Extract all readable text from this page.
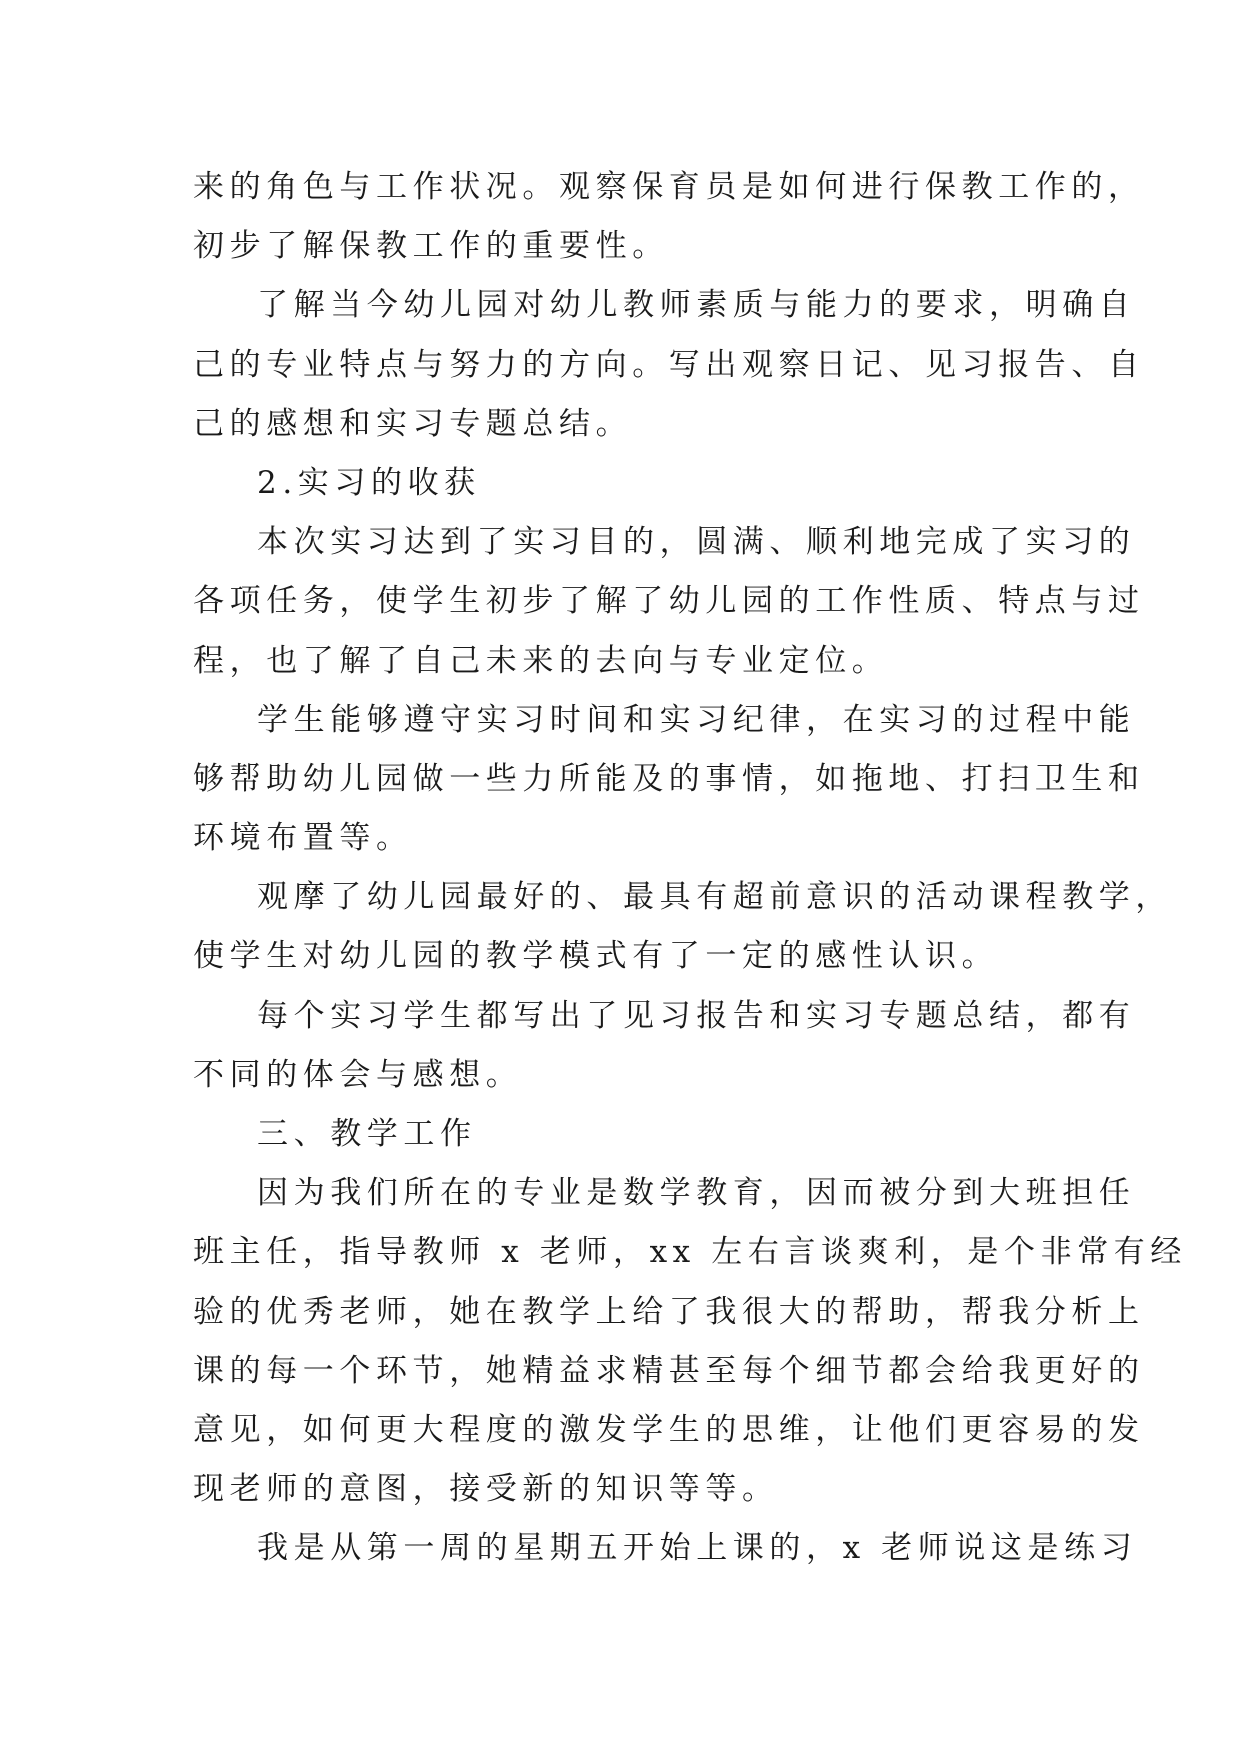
来的角色与工作状况。观察保育员是如何进行保教工作的，
初步了解保教工作的重要性。
了解当今幼儿园对幼儿教师素质与能力的要求，明确自
己的专业特点与努力的方向。写出观察日记、见习报告、自
己的感想和实习专题总结。
2.实习的收获
本次实习达到了实习目的，圆满、顺利地完成了实习的
各项任务，使学生初步了解了幼儿园的工作性质、特点与过
程，也了解了自己未来的去向与专业定位。
学生能够遵守实习时间和实习纪律，在实习的过程中能
够帮助幼儿园做一些力所能及的事情，如拖地、打扫卫生和
环境布置等。
观摩了幼儿园最好的、最具有超前意识的活动课程教学，
使学生对幼儿园的教学模式有了一定的感性认识。
每个实习学生都写出了见习报告和实习专题总结，都有
不同的体会与感想。
三、教学工作
因为我们所在的专业是数学教育，因而被分到大班担任
班主任，指导教师 x 老师，xx 左右言谈爽利，是个非常有经
验的优秀老师，她在教学上给了我很大的帮助，帮我分析上
课的每一个环节，她精益求精甚至每个细节都会给我更好的
意见，如何更大程度的激发学生的思维，让他们更容易的发
现老师的意图，接受新的知识等等。
我是从第一周的星期五开始上课的，x 老师说这是练习
